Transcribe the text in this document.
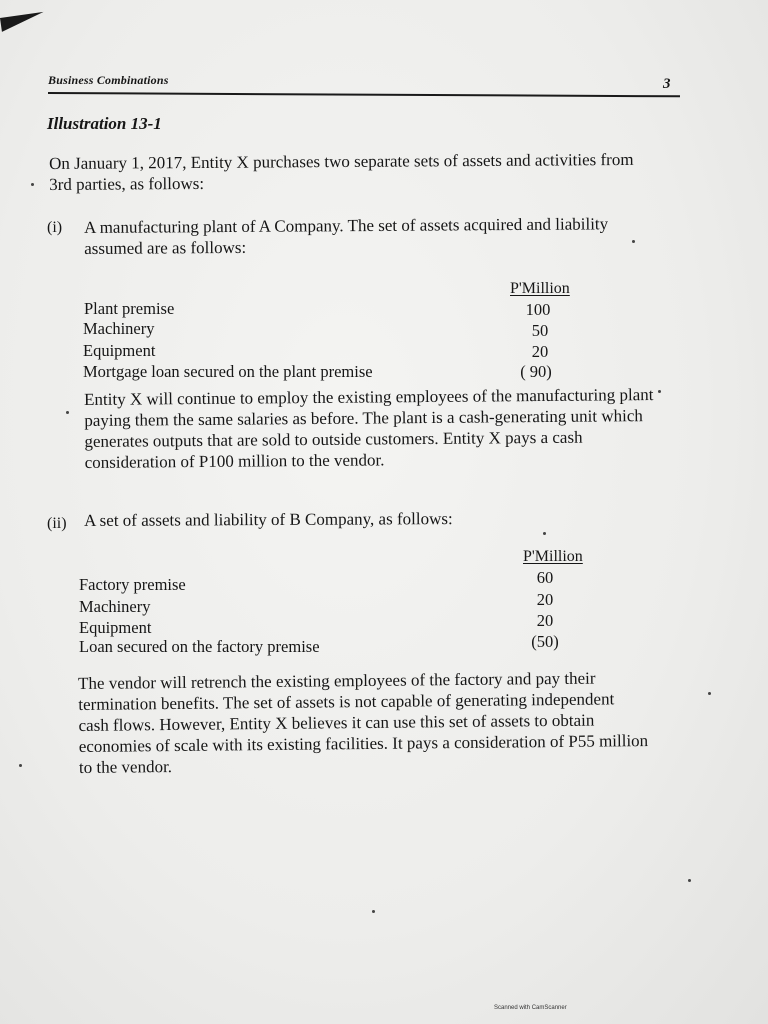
Business Combinations	3
Illustration 13-1
On January 1, 2017, Entity X purchases two separate sets of assets and activities from
3rd parties, as follows:
(i) A manufacturing plant of A Company. The set of assets acquired and liability
assumed are as follows:
P'Million
Plant premise	100
Machinery	50
Equipment	20
Mortgage loan secured on the plant premise	( 90)
Entity X will continue to employ the existing employees of the manufacturing plant
paying them the same salaries as before. The plant is a cash-generating unit which
generates outputs that are sold to outside customers. Entity X pays a cash
consideration of P100 million to the vendor.
(ii) A set of assets and liability of B Company, as follows:
P'Million
Factory premise	60
Machinery	20
Equipment	20
Loan secured on the factory premise	(50)
The vendor will retrench the existing employees of the factory and pay their
termination benefits. The set of assets is not capable of generating independent
cash flows. However, Entity X believes it can use this set of assets to obtain
economies of scale with its existing facilities. It pays a consideration of P55 million
to the vendor.
Scanned with CamScanner
